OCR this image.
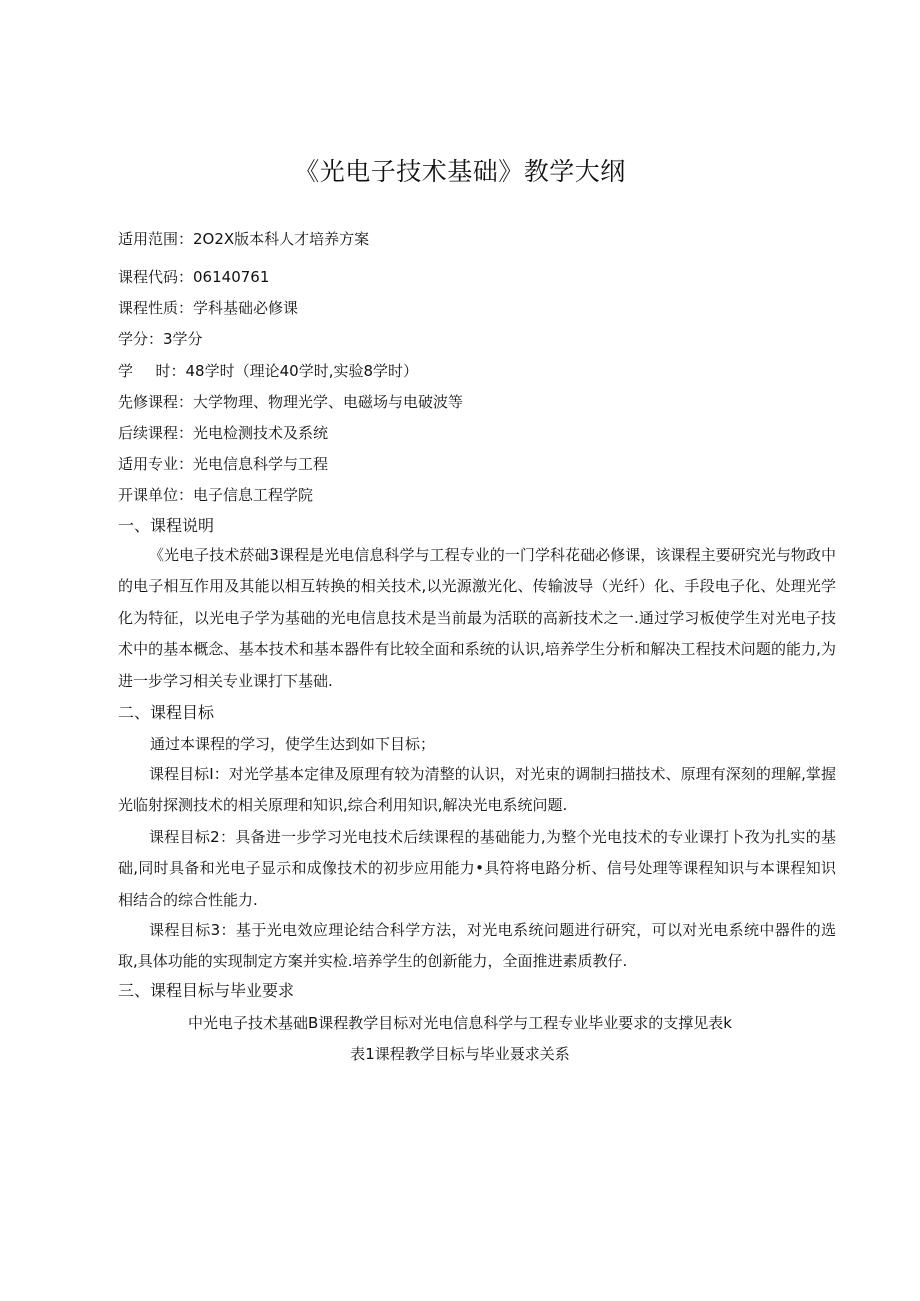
《光电子技术基础》教学大纲
适用范围：2O2X版本科人才培养方案
课程代码：06140761
课程性质：学科基础必修课
学分：3学分
学　 时：48学时（理论40学时,实验8学时）
先修课程：大学物理、物理光学、电磁场与电破波等
后续课程：光电检测技术及系统
适用专业：光电信息科学与工程
开课单位：电子信息工程学院
一、课程说明
《光电子技术菸础3课程是光电信息科学与工程专业的一门学科花础必修课，该课程主要研究光与物政中的电子相互作用及其能以相互转换的相关技术,以光源激光化、传输波导（光纤）化、手段电子化、处理光学化为特征，以光电子学为基础的光电信息技术是当前最为活联的高新技术之一.通过学习板使学生对光电子技术中的基本概念、基本技术和基本器件有比较全面和系统的认识,培养学生分析和解决工程技术问题的能力,为进一步学习相关专业课打下基础.
二、课程目标
通过本课程的学习，使学生达到如下目标；
课程目标I：对光学基本定律及原理有较为清整的认识，对光束的调制扫描技术、原理有深刻的理解,掌握光临射探测技术的相关原理和知识,综合利用知识,解决光电系统问题.
课程目标2：具备进一步学习光电技术后续课程的基础能力,为整个光电技术的专业课打卜孜为扎实的基础,同时具备和光电子显示和成像技术的初步应用能力•具符将电路分析、信号处理等课程知识与本课程知识相结合的综合性能力.
课程目标3：基于光电效应理论结合科学方法，对光电系统问题进行研究，可以对光电系统中器件的选取,具体功能的实现制定方案并实检.培养学生的创新能力，全面推进素质教仔.
三、课程目标与毕业要求
中光电子技术基础B课程教学目标对光电信息科学与工程专业毕业要求的支撑见表k
表1课程教学目标与毕业聂求关系
